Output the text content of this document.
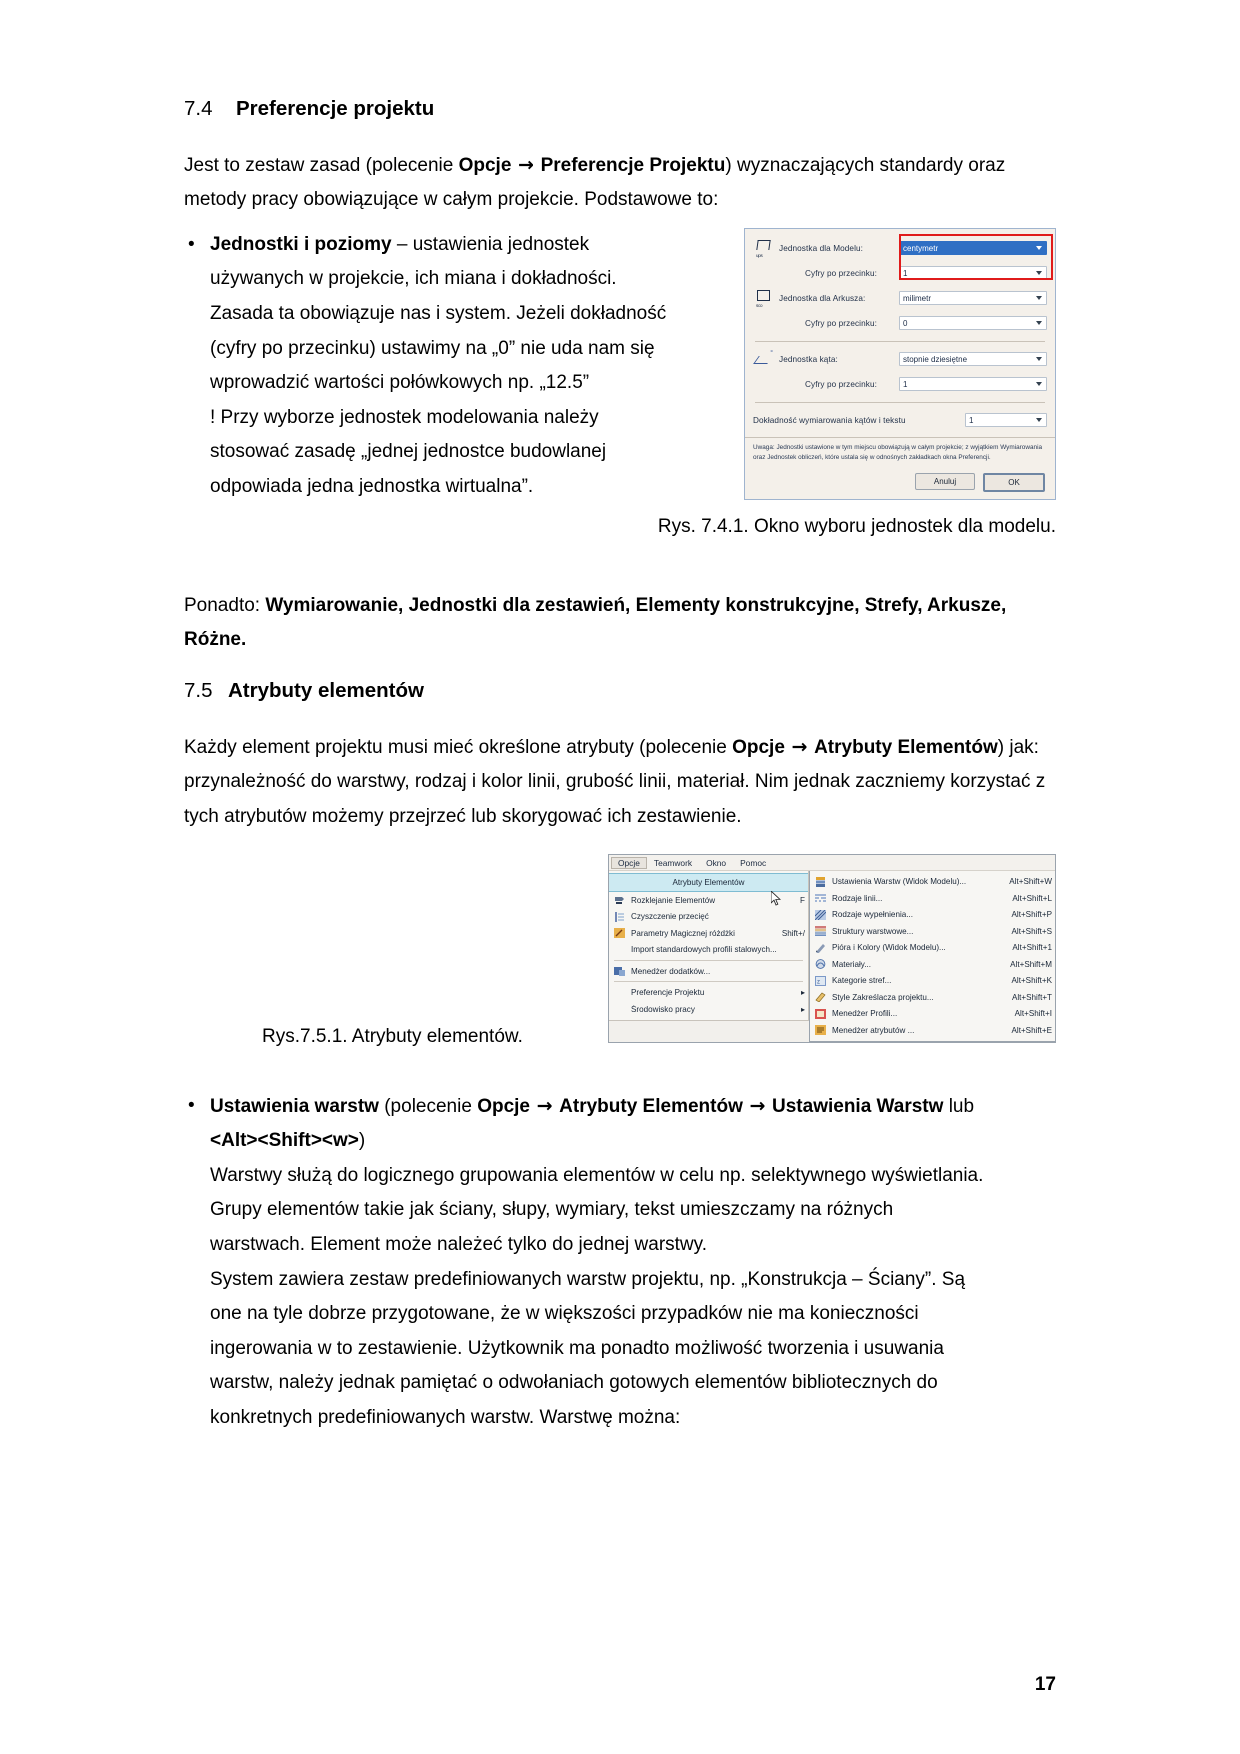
7.4	Preferencje projektu

Jest to zestaw zasad (polecenie Opcje → Preferencje Projektu) wyznaczających standardy oraz metody pracy obowiązujące w całym projekcie. Podstawowe to:

ups
Jednostka dla Modelu:	centymetr
Cyfry po przecinku:	1
sco
Jednostka dla Arkusza:	milimetr
Cyfry po przecinku:	0
°
Jednostka kąta:	stopnie dziesiętne
Cyfry po przecinku:	1
Dokładność wymiarowania kątów i tekstu	1
Uwaga: Jednostki ustawione w tym miejscu obowiązują w całym projekcie; z wyjątkiem Wymiarowania oraz Jednostek obliczeń, które ustala się w odnośnych zakładkach okna Preferencji.
Anuluj	OK
• Jednostki i poziomy – ustawienia jednostek

używanych w projekcie, ich miana i dokładności.

Zasada ta obowiązuje nas i system. Jeżeli dokładność

(cyfry po przecinku) ustawimy na „0” nie uda nam się

wprowadzić wartości połówkowych np. „12.5”

! Przy wyborze jednostek modelowania należy

stosować zasadę „jednej jednostce budowlanej

odpowiada jedna jednostka wirtualna”.

Rys. 7.4.1. Okno wyboru jednostek dla modelu.

Ponadto: Wymiarowanie, Jednostki dla zestawień, Elementy konstrukcyjne, Strefy, Arkusze, Różne.

7.5 Atrybuty elementów

Każdy element projektu musi mieć określone atrybuty (polecenie Opcje → Atrybuty Elementów) jak: przynależność do warstwy, rodzaj i kolor linii, grubość linii, materiał. Nim jednak zaczniemy korzystać z tych atrybutów możemy przejrzeć lub skorygować ich zestawienie.

Opcje	Teamwork	Okno	Pomoc
Atrybuty Elementów
Rozklejanie Elementów	F
Czyszczenie przecięć
Parametry Magicznej różdżki	Shift+/
Import standardowych profili stalowych...
Menedżer dodatków...
Preferencje Projektu	▸
Środowisko pracy	▸
Ustawienia Warstw (Widok Modelu)...	Alt+Shift+W
Rodzaje linii...	Alt+Shift+L
Rodzaje wypełnienia...	Alt+Shift+P
Struktury warstwowe...	Alt+Shift+S
Pióra i Kolory (Widok Modelu)...	Alt+Shift+1
Materiały...	Alt+Shift+M
z Kategorie stref...	Alt+Shift+K
Style Zakreślacza projektu...	Alt+Shift+T
Menedżer Profili...	Alt+Shift+I
Menedżer atrybutów ...	Alt+Shift+E

Rys.7.5.1. Atrybuty elementów.

• Ustawienia warstw (polecenie Opcje → Atrybuty Elementów → Ustawienia Warstw lub

<Alt><Shift><w>)

Warstwy służą do logicznego grupowania elementów w celu np. selektywnego wyświetlania.

Grupy elementów takie jak ściany, słupy, wymiary, tekst umieszczamy na różnych

warstwach. Element może należeć tylko do jednej warstwy.

System zawiera zestaw predefiniowanych warstw projektu, np. „Konstrukcja – Ściany”. Są

one na tyle dobrze przygotowane, że w większości przypadków nie ma konieczności

ingerowania w to zestawienie. Użytkownik ma ponadto możliwość tworzenia i usuwania

warstw, należy jednak pamiętać o odwołaniach gotowych elementów bibliotecznych do

konkretnych predefiniowanych warstw. Warstwę można:

17
